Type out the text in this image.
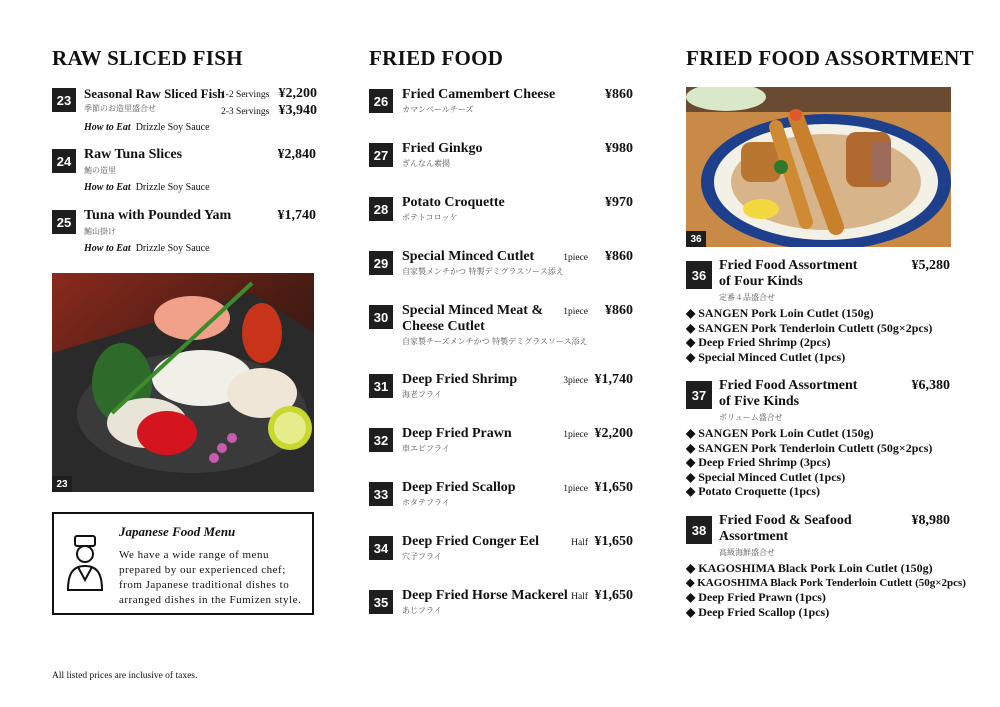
RAW SLICED FISH
23 Seasonal Raw Sliced Fish
季節のお造里盛合せ
1-2 Servings ¥2,200
2-3 Servings ¥3,940
How to Eat Drizzle Soy Sauce
24 Raw Tuna Slices
鮪の造里
¥2,840
How to Eat Drizzle Soy Sauce
25 Tuna with Pounded Yam
鮪山掛け
¥1,740
How to Eat Drizzle Soy Sauce
23
Japanese Food Menu
We have a wide range of menu
prepared by our experienced chef;
from Japanese traditional dishes to
arranged dishes in the Fumizen style.
All listed prices are inclusive of taxes.
FRIED FOOD
26 Fried Camembert Cheese
カマンベールチーズ
¥860
27 Fried Ginkgo
ぎんなん素揚
¥980
28 Potato Croquette
ポテトコロッケ
¥970
29 Special Minced Cutlet
自家製メンチかつ 特製デミグラスソース添え
1piece ¥860
30 Special Minced Meat &
Cheese Cutlet
自家製チーズメンチかつ 特製デミグラスソース添え
1piece ¥860
31 Deep Fried Shrimp
海老フライ
3piece ¥1,740
32 Deep Fried Prawn
車エビフライ
1piece ¥2,200
33 Deep Fried Scallop
ホタテフライ
1piece ¥1,650
34 Deep Fried Conger Eel
穴子フライ
Half ¥1,650
35 Deep Fried Horse Mackerel
あじフライ
Half ¥1,650
FRIED FOOD ASSORTMENT
36
36
Fried Food Assortment
of Four Kinds
定番４品盛合せ
¥5,280
◆ SANGEN Pork Loin Cutlet (150g)
◆ SANGEN Pork Tenderloin Cutlett (50g×2pcs)
◆ Deep Fried Shrimp (2pcs)
◆ Special Minced Cutlet (1pcs)
37
Fried Food Assortment
of Five Kinds
ボリューム盛合せ
¥6,380
◆ SANGEN Pork Loin Cutlet (150g)
◆ SANGEN Pork Tenderloin Cutlett (50g×2pcs)
◆ Deep Fried Shrimp (3pcs)
◆ Special Minced Cutlet (1pcs)
◆ Potato Croquette (1pcs)
38
Fried Food & Seafood
Assortment
高級海鮮盛合せ
¥8,980
◆ KAGOSHIMA Black Pork Loin Cutlet (150g)
◆ KAGOSHIMA Black Pork Tenderloin Cutlett (50g×2pcs)
◆ Deep Fried Prawn (1pcs)
◆ Deep Fried Scallop (1pcs)
